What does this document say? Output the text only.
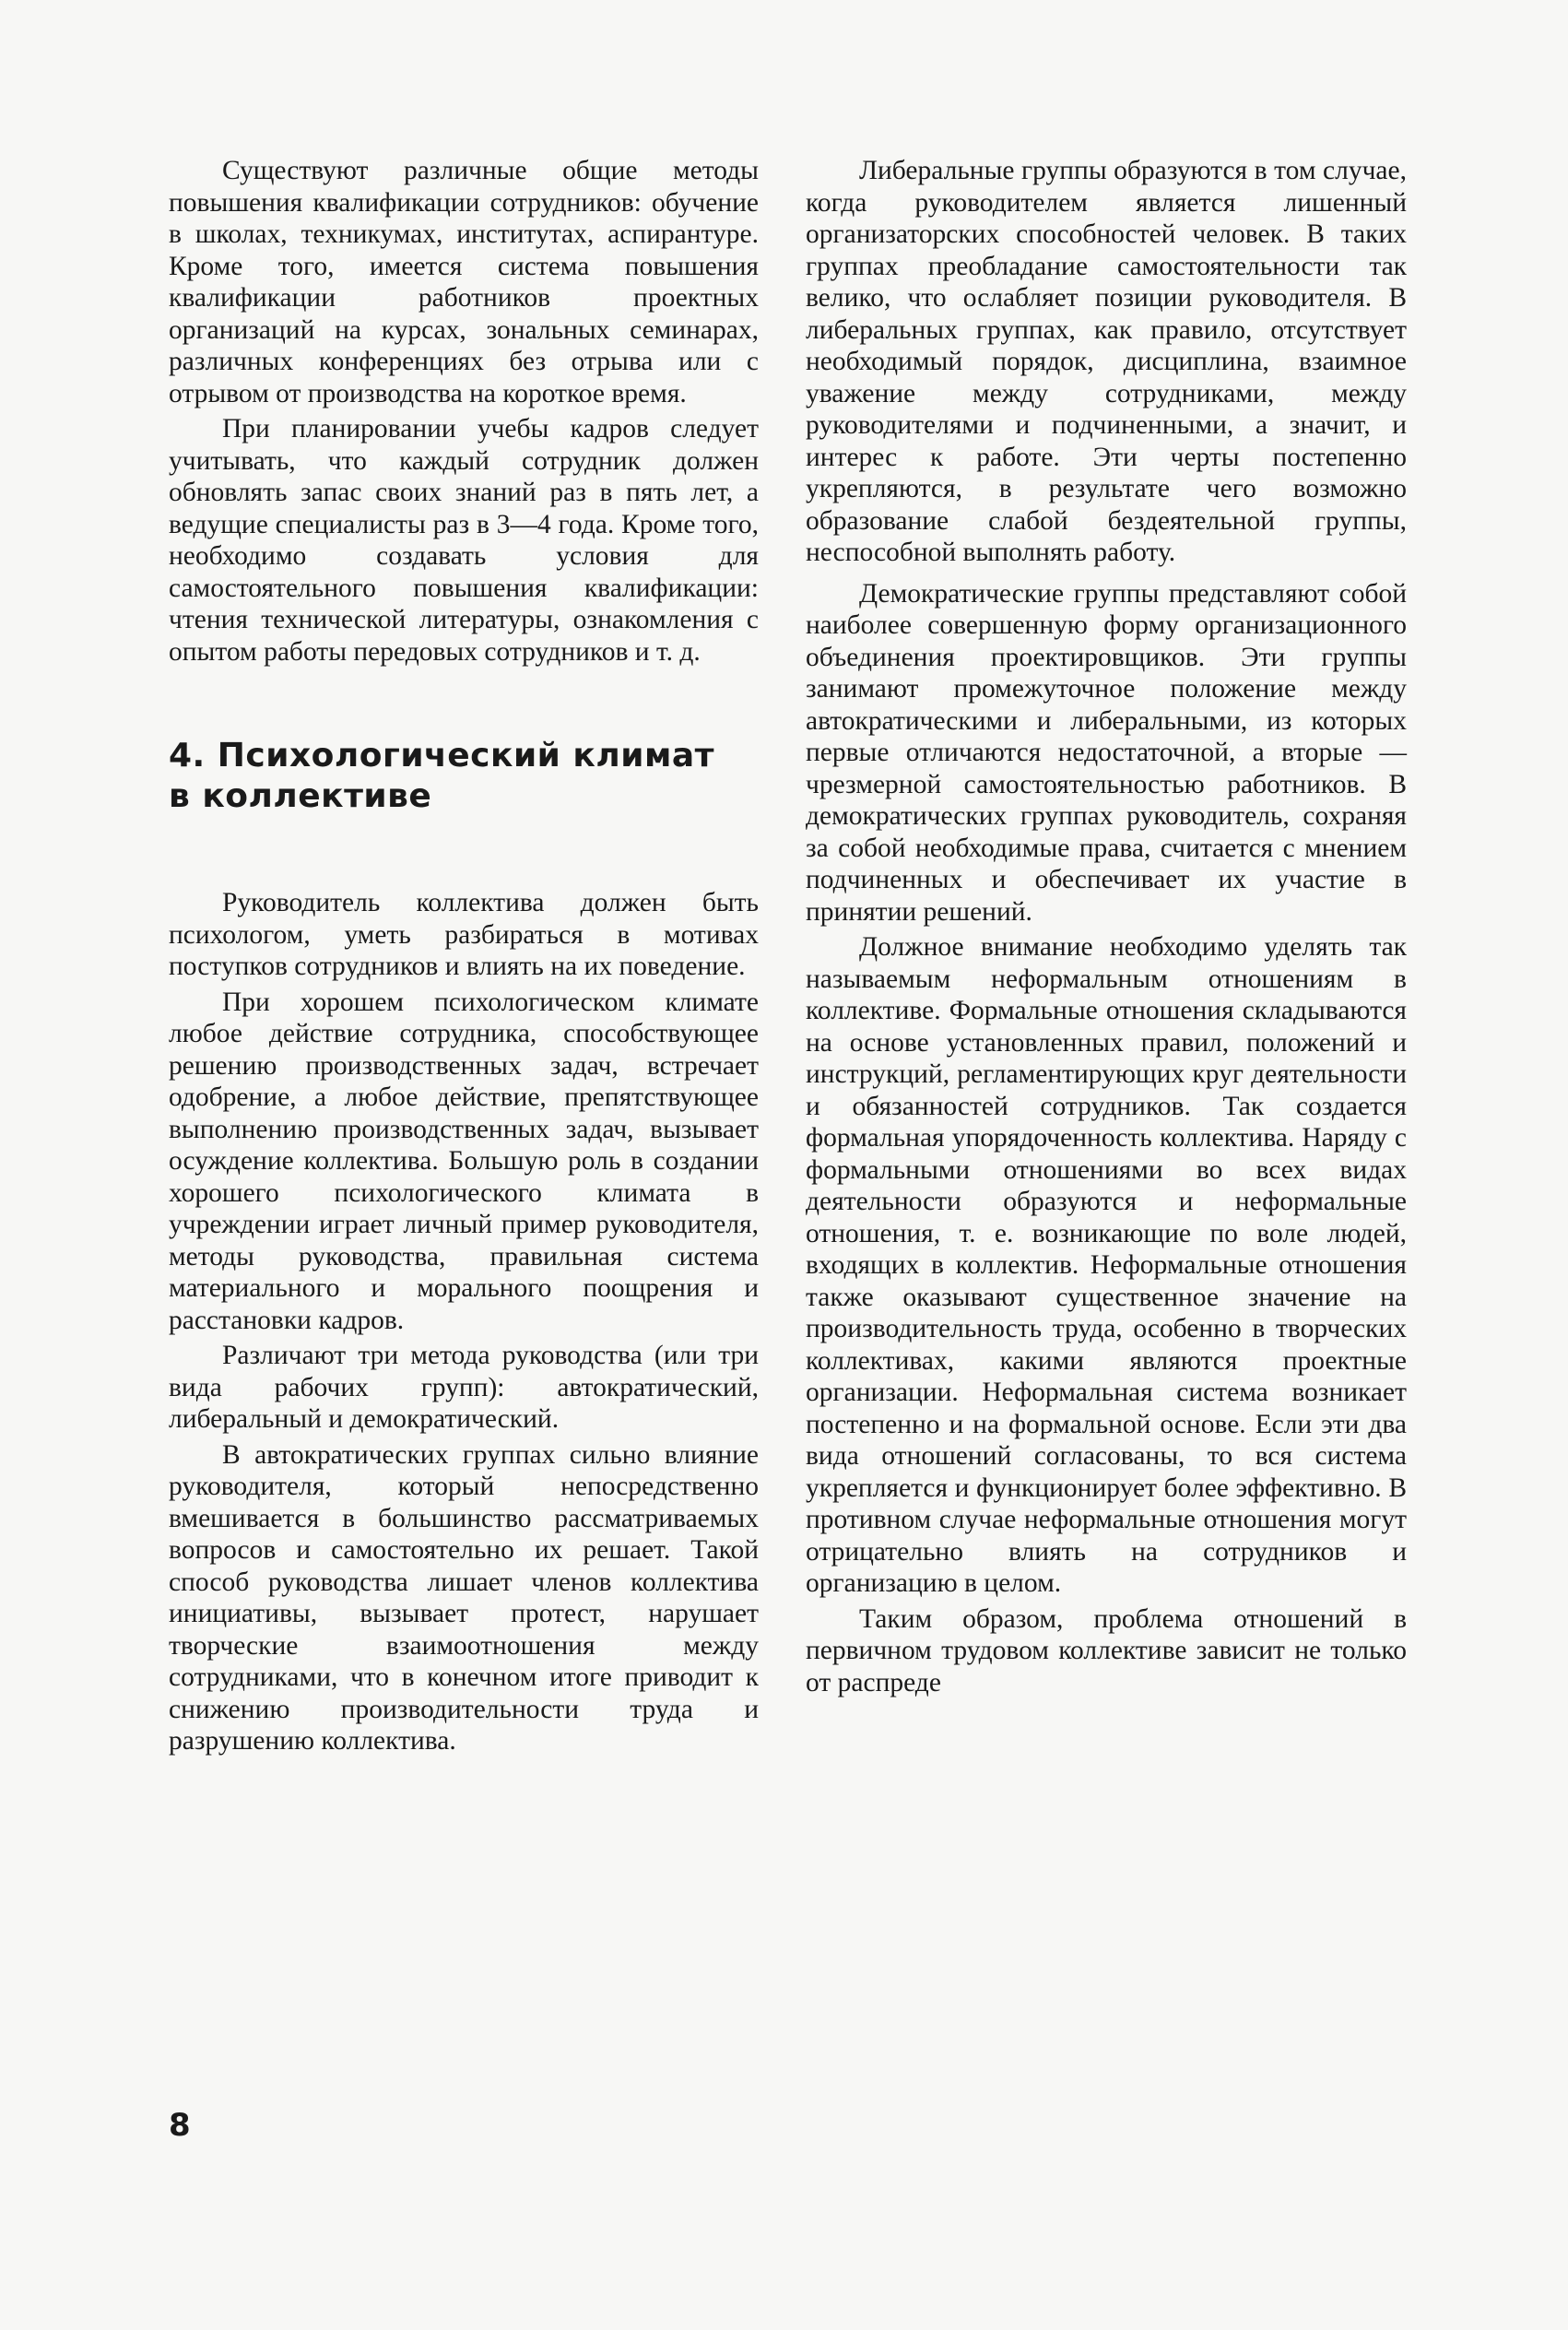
Существуют различные общие методы повышения квалификации сотрудников: обучение в школах, техникумах, институтах, аспирантуре. Кроме того, имеется система повышения квалификации работников проектных организаций на курсах, зональных семинарах, различных конференциях без отрыва или с отрывом от производства на короткое время.

При планировании учебы кадров следует учитывать, что каждый сотрудник должен обновлять запас своих знаний раз в пять лет, а ведущие специалисты раз в 3—4 года. Кроме того, необходимо создавать условия для самостоятельного повышения квалификации: чтения технической литературы, ознакомления с опытом работы передовых сотрудников и т. д.

4. Психологический климат
в коллективе

Руководитель коллектива должен быть психологом, уметь разбираться в мотивах поступков сотрудников и влиять на их поведение.

При хорошем психологическом климате любое действие сотрудника, способствующее решению производственных задач, встречает одобрение, а любое действие, препятствующее выполнению производственных задач, вызывает осуждение коллектива. Большую роль в создании хорошего психологического климата в учреждении играет личный пример руководителя, методы руководства, правильная система материального и морального поощрения и расстановки кадров.

Различают три метода руководства (или три вида рабочих групп): автократический, либеральный и демократический.

В автократических группах сильно влияние руководителя, который непосредственно вмешивается в большинство рассматриваемых вопросов и самостоятельно их решает. Такой способ руководства лишает членов коллектива инициативы, вызывает протест, нарушает творческие взаимоотношения между сотрудниками, что в конечном итоге приводит к снижению производительности труда и разрушению коллектива.

Либеральные группы образуются в том случае, когда руководителем является лишенный организаторских способностей человек. В таких группах преобладание самостоятельности так велико, что ослабляет позиции руководителя. В либеральных группах, как правило, отсутствует необходимый порядок, дисциплина, взаимное уважение между сотрудниками, между руководителями и подчиненными, а значит, и интерес к работе. Эти черты постепенно укрепляются, в результате чего возможно образование слабой бездеятельной группы, неспособной выполнять работу.

Демократические группы представляют собой наиболее совершенную форму организационного объединения проектировщиков. Эти группы занимают промежуточное положение между автократическими и либеральными, из которых первые отличаются недостаточной, а вторые — чрезмерной самостоятельностью работников. В демократических группах руководитель, сохраняя за собой необходимые права, считается с мнением подчиненных и обеспечивает их участие в принятии решений.

Должное внимание необходимо уделять так называемым неформальным отношениям в коллективе. Формальные отношения складываются на основе установленных правил, положений и инструкций, регламентирующих круг деятельности и обязанностей сотрудников. Так создается формальная упорядоченность коллектива. Наряду с формальными отношениями во всех видах деятельности образуются и неформальные отношения, т. е. возникающие по воле людей, входящих в коллектив. Неформальные отношения также оказывают существенное значение на производительность труда, особенно в творческих коллективах, какими являются проектные организации. Неформальная система возникает постепенно и на формальной основе. Если эти два вида отношений согласованы, то вся система укрепляется и функционирует более эффективно. В противном случае неформальные отношения могут отрицательно влиять на сотрудников и организацию в целом.

Таким образом, проблема отношений в первичном трудовом коллективе зависит не только от распреде

8
